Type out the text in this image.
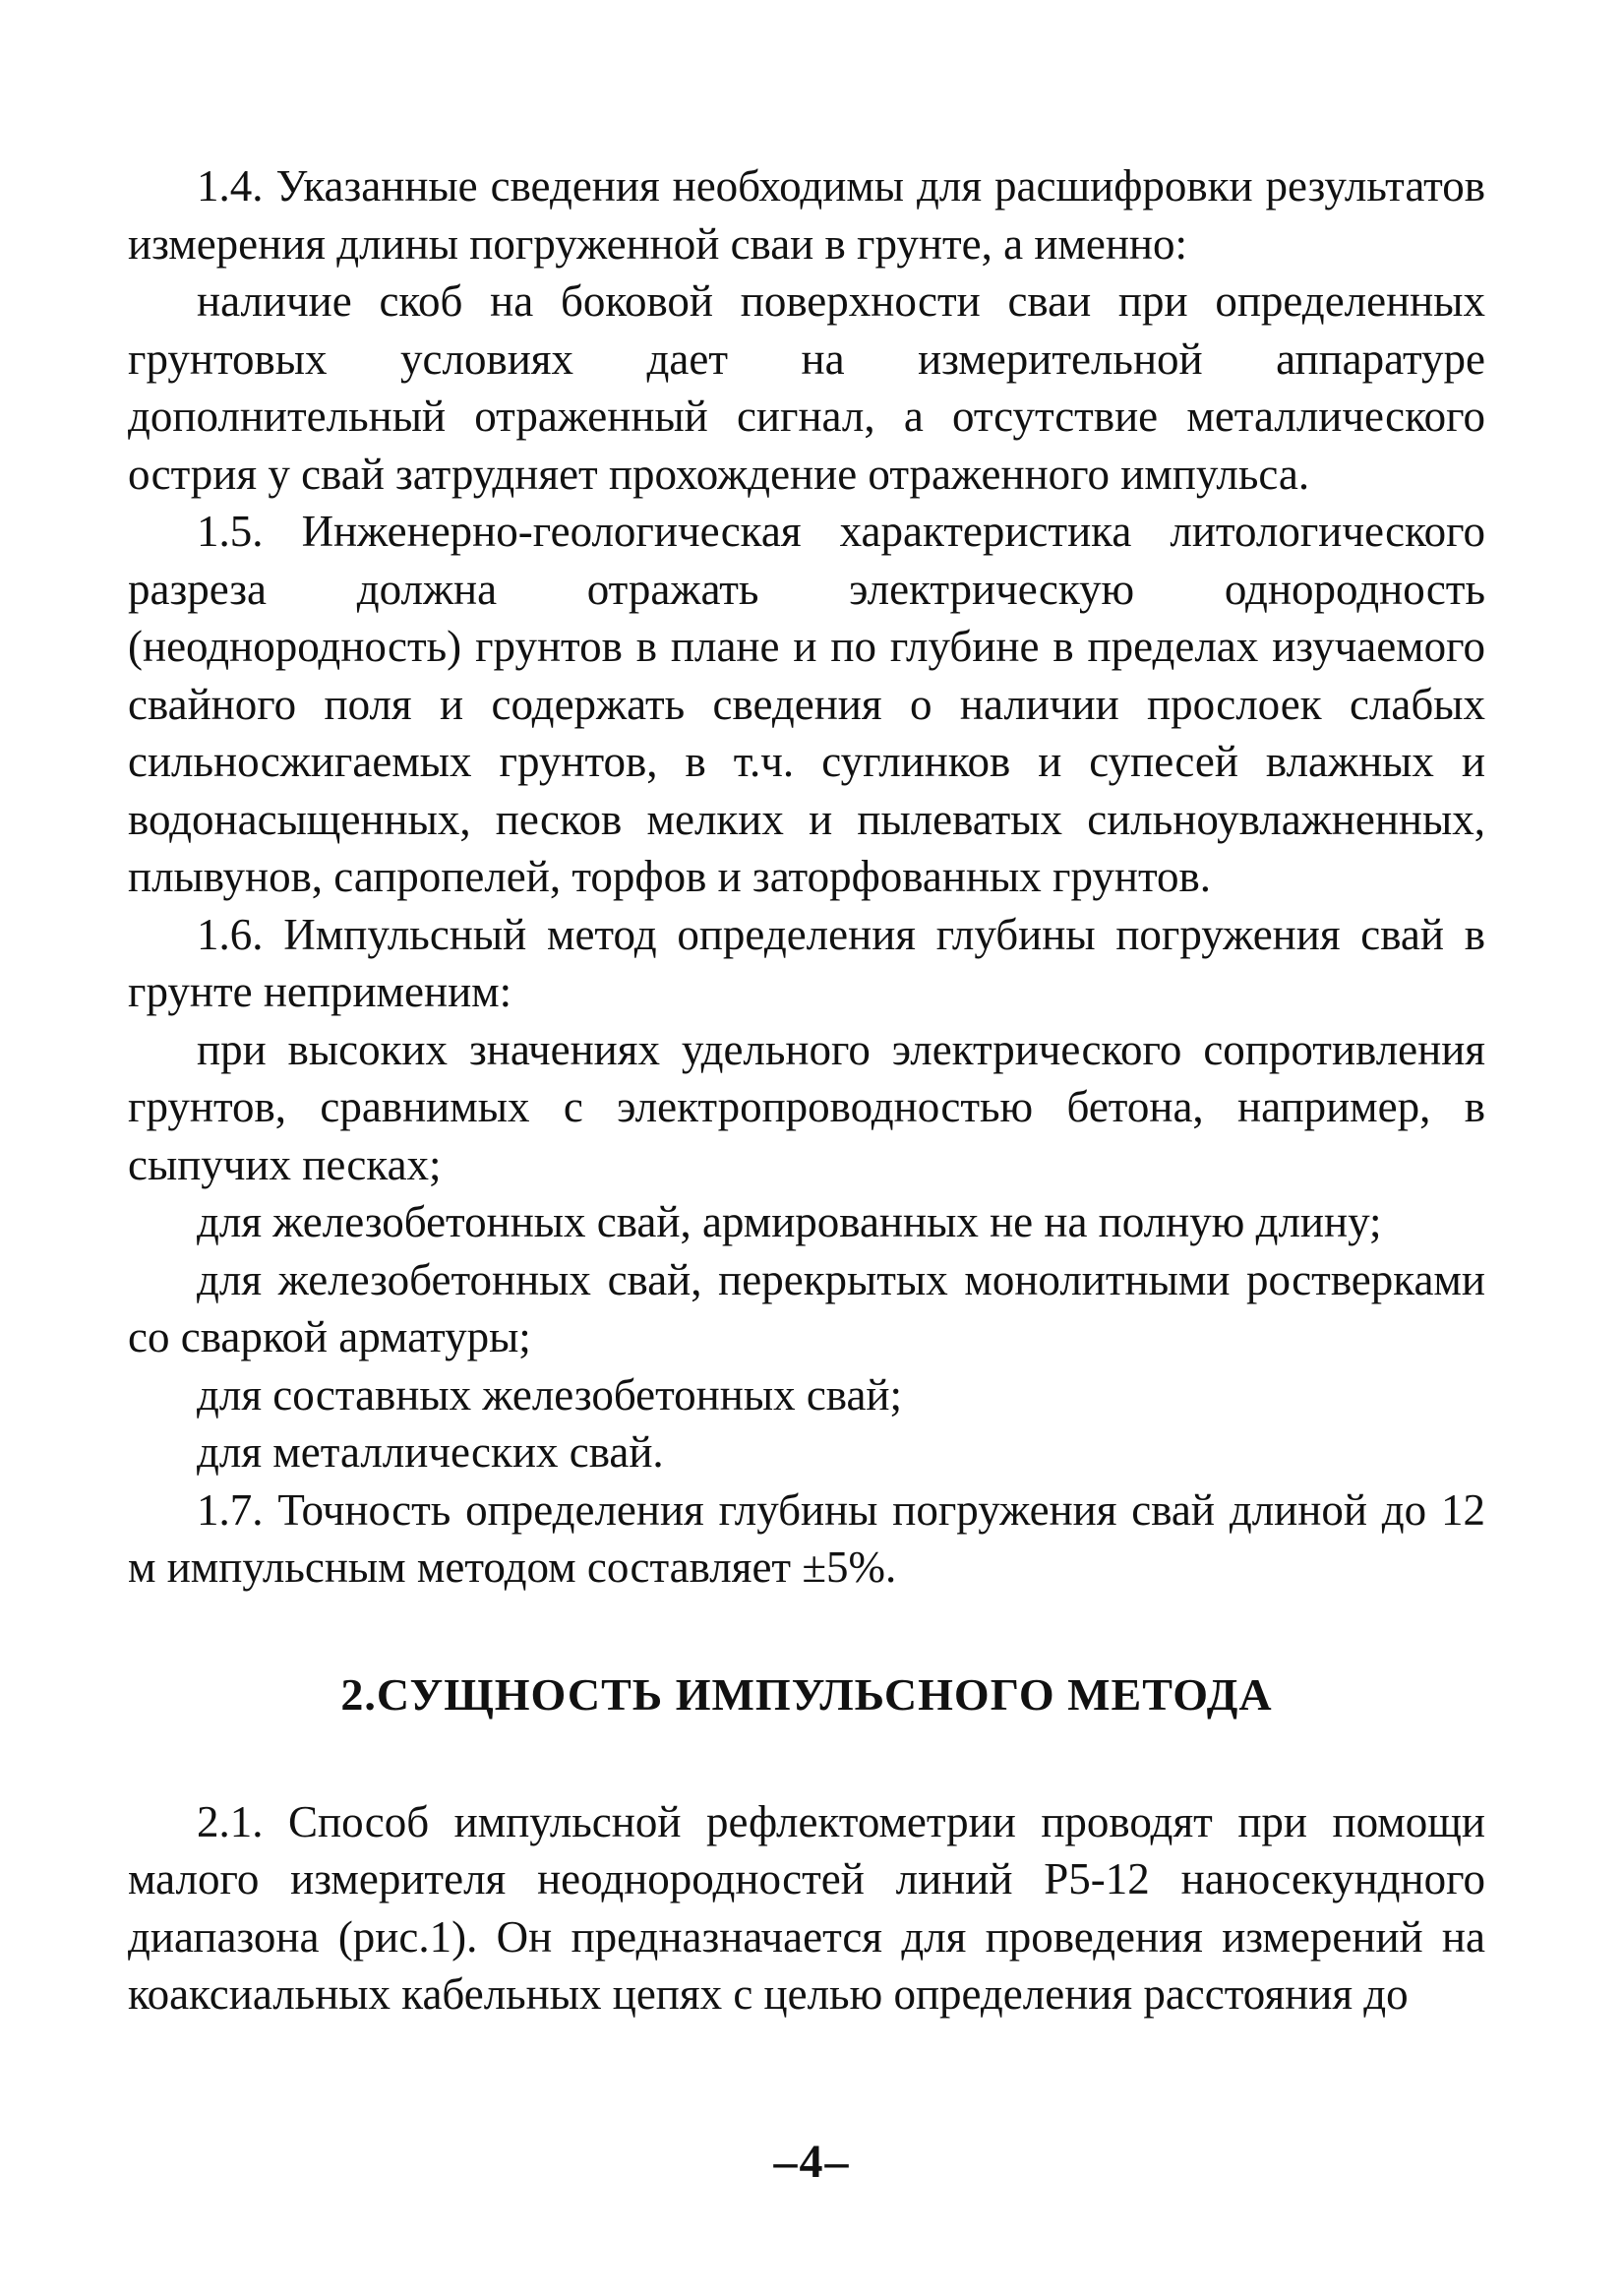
1.4. Указанные сведения необходимы для расшифровки результатов измерения длины погруженной сваи в грунте, а именно:

наличие скоб на боковой поверхности сваи при определенных грунтовых условиях дает на измерительной аппаратуре дополнительный отраженный сигнал, а отсутствие металлического острия у свай затрудняет прохождение отраженного импульса.

1.5. Инженерно-геологическая характеристика литологического разреза должна отражать электрическую однородность (неоднородность) грунтов в плане и по глубине в пределах изучаемого свайного поля и содержать сведения о наличии прослоек слабых сильносжигаемых грунтов, в т.ч. суглинков и супесей влажных и водонасыщенных, песков мелких и пылеватых сильноувлажненных, плывунов, сапропелей, торфов и заторфованных грунтов.

1.6. Импульсный метод определения глубины погружения свай в грунте неприменим:

при высоких значениях удельного электрического сопротивления грунтов, сравнимых с электропроводностью бетона, например, в сыпучих песках;

для железобетонных свай, армированных не на полную длину;

для железобетонных свай, перекрытых монолитными ростверками со сваркой арматуры;

для составных железобетонных свай;

для металлических свай.

1.7. Точность определения глубины погружения свай длиной до 12 м импульсным методом составляет ±5%.

2.СУЩНОСТЬ ИМПУЛЬСНОГО МЕТОДА

2.1. Способ импульсной рефлектометрии проводят при помощи малого измерителя неоднородностей линий Р5-12 наносекундного диапазона (рис.1). Он предназначается для проведения измерений на коаксиальных кабельных цепях с целью определения расстояния до

–4–
